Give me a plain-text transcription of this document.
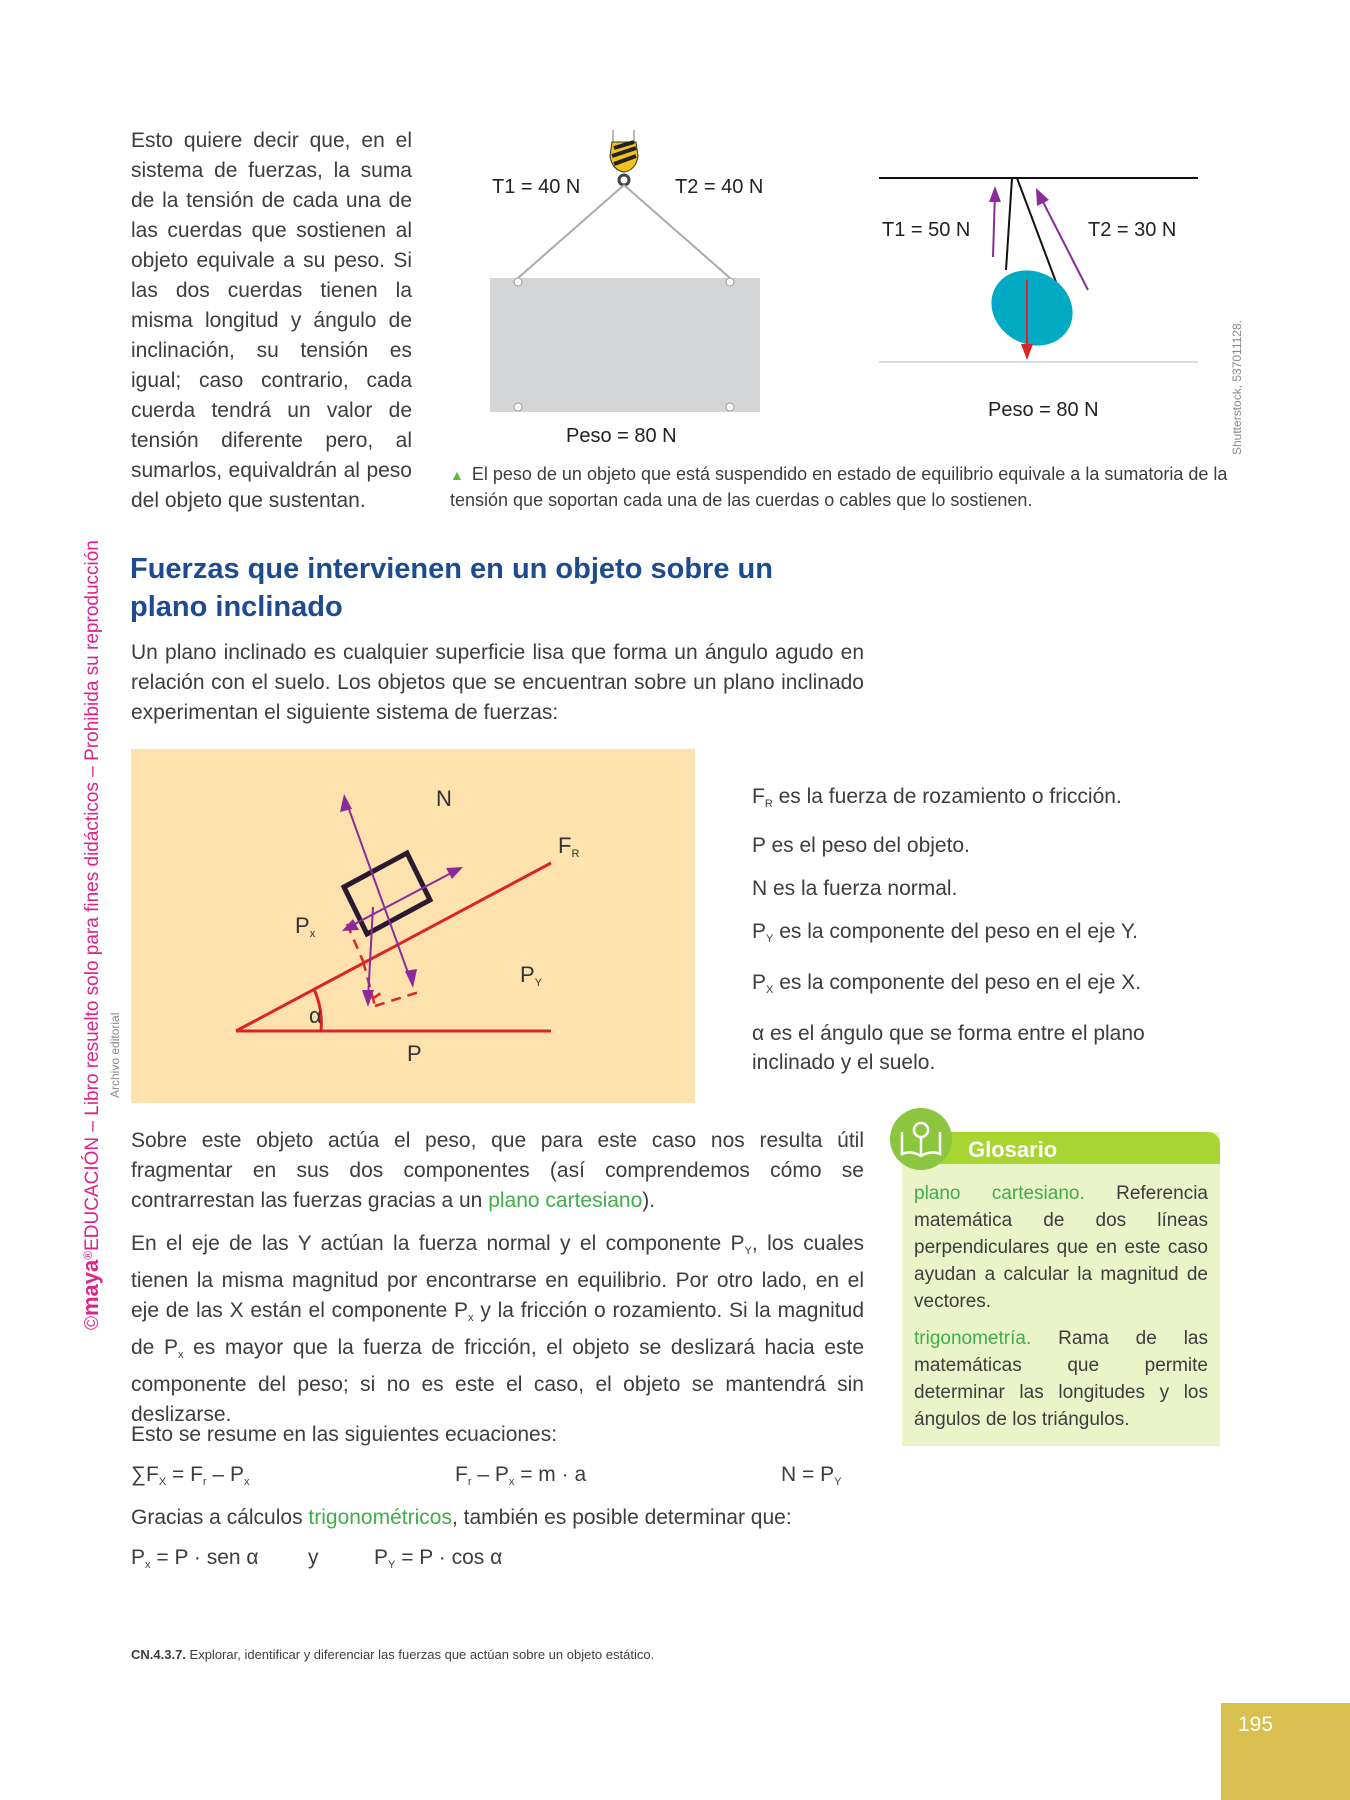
©maya®EDUCACIÓN – Libro resuelto solo para fines didácticos – Prohibida su reproducción
Esto quiere decir que, en el sistema de fuerzas, la suma de la tensión de cada una de las cuerdas que sostienen al objeto equivale a su peso. Si las dos cuerdas tienen la misma longitud y ángulo de inclinación, su tensión es igual; caso contrario, cada cuerda tendrá un valor de tensión diferente pero, al sumarlos, equivaldrán al peso del objeto que sustentan.
T1 = 40 N	T2 = 40 N
Peso = 80 N
T1 = 50 N	T2 = 30 N
Peso = 80 N	Shutterstock, 537011128.
▲ El peso de un objeto que está suspendido en estado de equilibrio equivale a la sumatoria de la tensión que soportan cada una de las cuerdas o cables que lo sostienen.
Fuerzas que intervienen en un objeto sobre un plano inclinado
Un plano inclinado es cualquier superficie lisa que forma un ángulo agudo en relación con el suelo. Los objetos que se encuentran sobre un plano inclinado experimentan el siguiente sistema de fuerzas:
N
$F_R$
$P_x$
$P_Y$
α
P
Archivo editorial

$F_R$ es la fuerza de rozamiento o fricción.

P es el peso del objeto.

N es la fuerza normal.

$P_Y$ es la componente del peso en el eje Y.

$P_X$ es la componente del peso en el eje X.

α es el ángulo que se forma entre el plano inclinado y el suelo.

Sobre este objeto actúa el peso, que para este caso nos resulta útil fragmentar en sus dos componentes (así comprendemos cómo se contrarrestan las fuerzas gracias a un plano cartesiano).
En el eje de las Y actúan la fuerza normal y el componente $P_Y$, los cuales tienen la misma magnitud por encontrarse en equilibrio. Por otro lado, en el eje de las X están el componente $P_x$ y la fricción o rozamiento. Si la magnitud de $P_x$ es mayor que la fuerza de fricción, el objeto se deslizará hacia este componente del peso; si no es este el caso, el objeto se mantendrá sin deslizarse.
Esto se resume en las siguientes ecuaciones:
$\sum F_X = F_r - P_x$	$F_r - P_x = m \cdot a$	$N = P_Y$
Gracias a cálculos trigonométricos, también es posible determinar que:
$P_x = P$ · sen α y	$P_Y = P \cdot \cos \alpha$
Glosario

plano cartesiano. Referencia matemática de dos líneas perpendiculares que en este caso ayudan a calcular la magnitud de vectores.

trigonometría. Rama de las matemáticas que permite determinar las longitudes y los ángulos de los triángulos.

CN.4.3.7. Explorar, identificar y diferenciar las fuerzas que actúan sobre un objeto estático.
195
